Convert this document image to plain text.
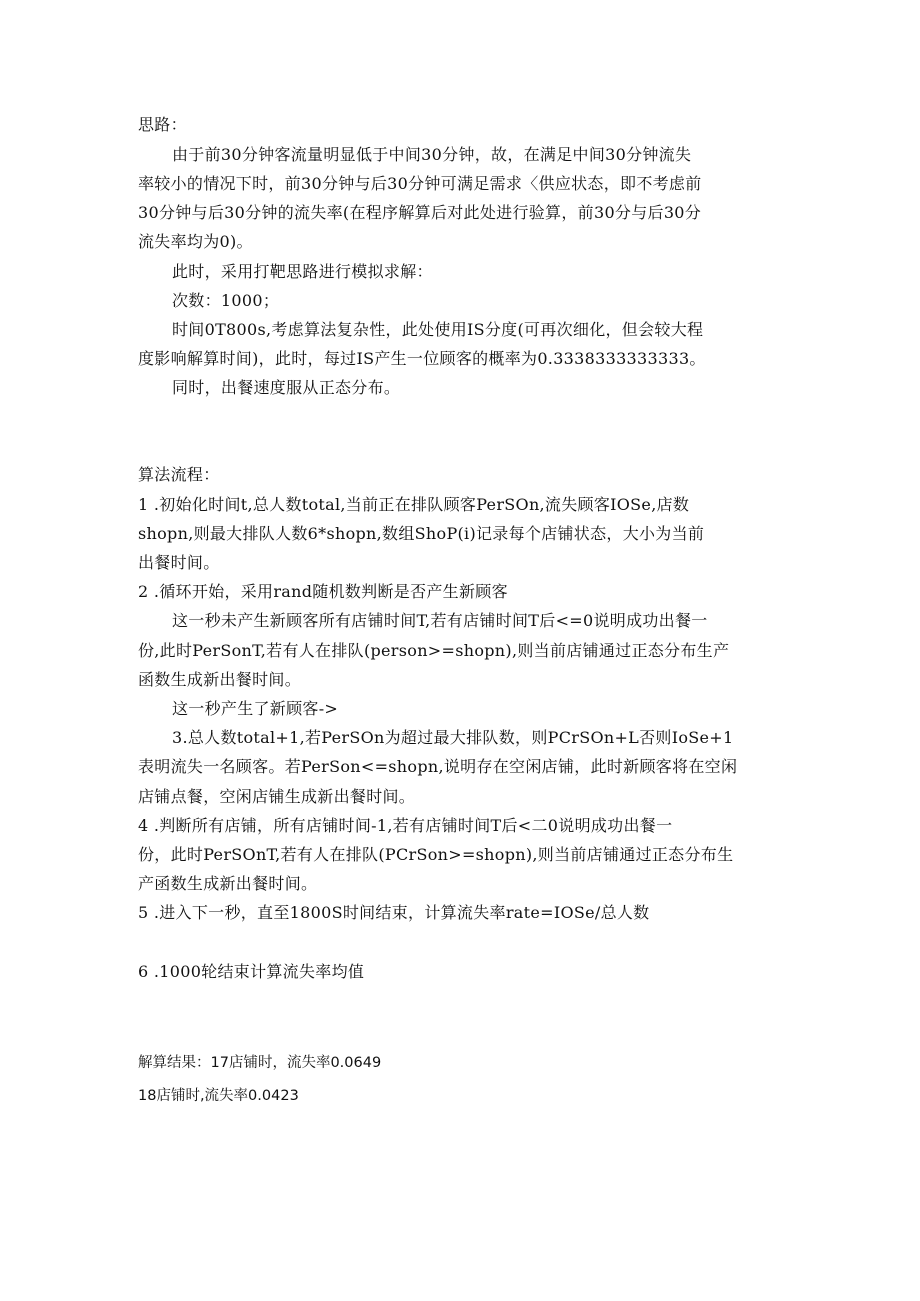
思路：
由于前30分钟客流量明显低于中间30分钟，故，在满足中间30分钟流失
率较小的情况下时，前30分钟与后30分钟可满足需求〈供应状态，即不考虑前
30分钟与后30分钟的流失率(在程序解算后对此处进行验算，前30分与后30分
流失率均为0)。
此时，采用打靶思路进行模拟求解：
次数：1000；
时间0T800s,考虑算法复杂性，此处使用IS分度(可再次细化，但会较大程
度影响解算时间)，此时，每过IS产生一位顾客的概率为0.3338333333333。
同时，出餐速度服从正态分布。
算法流程：
1 .初始化时间t,总人数total,当前正在排队顾客PerSOn,流失顾客IOSe,店数
shopn,则最大排队人数6*shopn,数组ShoP(i)记录每个店铺状态，大小为当前
出餐时间。
2 .循环开始，采用rand随机数判断是否产生新顾客
这一秒未产生新顾客所有店铺时间T,若有店铺时间T后<=0说明成功出餐一
份,此时PerSonT,若有人在排队(person>=shopn),则当前店铺通过正态分布生产
函数生成新出餐时间。
这一秒产生了新顾客->
3.总人数total+1,若PerSOn为超过最大排队数，则PCrSOn+L否则IoSe+1
表明流失一名顾客。若PerSon<=shopn,说明存在空闲店铺，此时新顾客将在空闲
店铺点餐，空闲店铺生成新出餐时间。
4 .判断所有店铺，所有店铺时间-1,若有店铺时间T后<二0说明成功出餐一
份，此时PerSOnT,若有人在排队(PCrSon>=shopn),则当前店铺通过正态分布生
产函数生成新出餐时间。
5 .进入下一秒，直至1800S时间结束，计算流失率rate=IOSe/总人数
6 .1000轮结束计算流失率均值
解算结果：17店铺时，流失率0.0649
18店铺时,流失率0.0423
